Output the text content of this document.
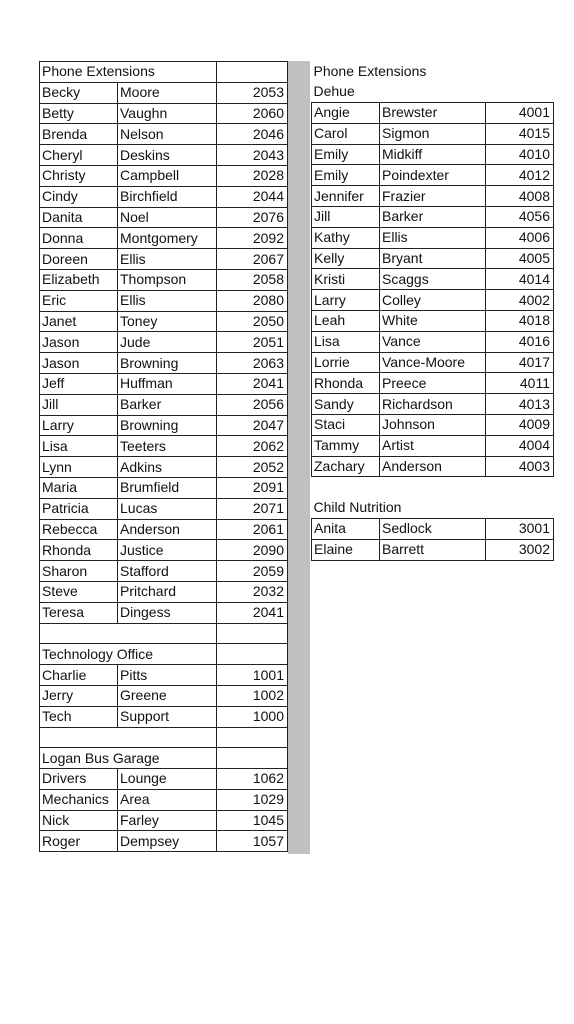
Phone Extensions		
Becky	Moore	2053
Betty	Vaughn	2060
Brenda	Nelson	2046
Cheryl	Deskins	2043
Christy	Campbell	2028
Cindy	Birchfield	2044
Danita	Noel	2076
Donna	Montgomery	2092
Doreen	Ellis	2067
Elizabeth	Thompson	2058
Eric	Ellis	2080
Janet	Toney	2050
Jason	Jude	2051
Jason	Browning	2063
Jeff	Huffman	2041
Jill	Barker	2056
Larry	Browning	2047
Lisa	Teeters	2062
Lynn	Adkins	2052
Maria	Brumfield	2091
Patricia	Lucas	2071
Rebecca	Anderson	2061
Rhonda	Justice	2090
Sharon	Stafford	2059
Steve	Pritchard	2032
Teresa	Dingess	2041

Technology Office		
Charlie	Pitts	1001
Jerry	Greene	1002
Tech	Support	1000

Logan Bus Garage		
Drivers	Lounge	1062
Mechanics	Area	1029
Nick	Farley	1045
Roger	Dempsey	1057
Phone Extensions		
Dehue		
Angie	Brewster	4001
Carol	Sigmon	4015
Emily	Midkiff	4010
Emily	Poindexter	4012
Jennifer	Frazier	4008
Jill	Barker	4056
Kathy	Ellis	4006
Kelly	Bryant	4005
Kristi	Scaggs	4014
Larry	Colley	4002
Leah	White	4018
Lisa	Vance	4016
Lorrie	Vance-Moore	4017
Rhonda	Preece	4011
Sandy	Richardson	4013
Staci	Johnson	4009
Tammy	Artist	4004
Zachary	Anderson	4003

Child Nutrition		
Anita	Sedlock	3001
Elaine	Barrett	3002
